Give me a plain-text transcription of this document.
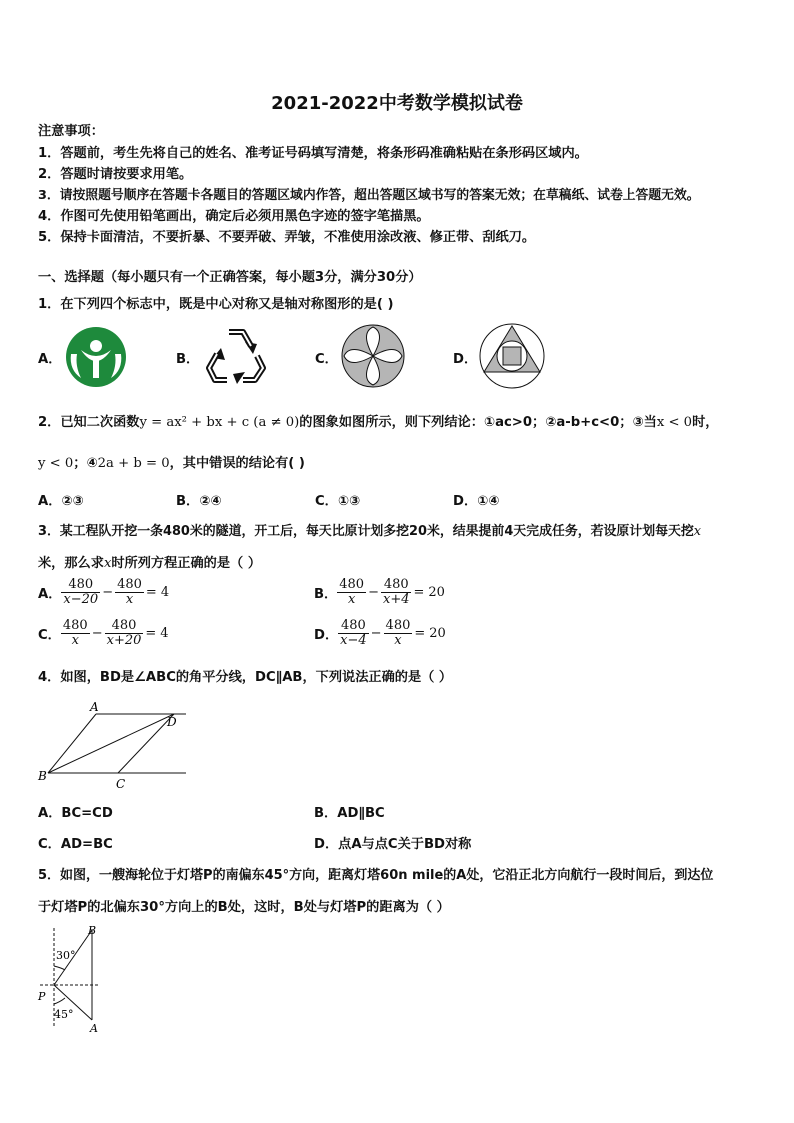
2021-2022中考数学模拟试卷
注意事项：
1．答题前，考生先将自己的姓名、准考证号码填写清楚，将条形码准确粘贴在条形码区域内。
2．答题时请按要求用笔。
3．请按照题号顺序在答题卡各题目的答题区域内作答，超出答题区域书写的答案无效；在草稿纸、试卷上答题无效。
4．作图可先使用铅笔画出，确定后必须用黑色字迹的签字笔描黑。
5．保持卡面清洁，不要折暴、不要弄破、弄皱，不准使用涂改液、修正带、刮纸刀。
一、选择题（每小题只有一个正确答案，每小题3分，满分30分）
1．在下列四个标志中，既是中心对称又是轴对称图形的是( )
A．	B．	C．	D．
2．已知二次函数y = ax² + bx + c (a ≠ 0)的图象如图所示，则下列结论：①ac>0；②a-b+c<0；③当x < 0时，
y < 0；④2a + b = 0，其中错误的结论有( )
A．②③	B．②④	C．①③	D．①④
3．某工程队开挖一条480米的隧道，开工后，每天比原计划多挖20米，结果提前4天完成任务，若设原计划每天挖x
米，那么求x时所列方程正确的是（ ）
A． $\frac{480}{x-20} - \frac{480}{x} = 4$	B． $\frac{480}{x} - \frac{480}{x+4} = 20$
C． $\frac{480}{x} - \frac{480}{x+20} = 4$	D． $\frac{480}{x-4} - \frac{480}{x} = 20$
4．如图，BD是∠ABC的角平分线，DC∥AB，下列说法正确的是（ ）
A
D
B
C
A．BC=CD	B．AD∥BC
C．AD=BC	D．点A与点C关于BD对称
5．如图，一艘海轮位于灯塔P的南偏东45°方向，距离灯塔60n mile的A处，它沿正北方向航行一段时间后，到达位
于灯塔P的北偏东30°方向上的B处，这时，B处与灯塔P的距离为（ ）
B
P
A
30°
45°
